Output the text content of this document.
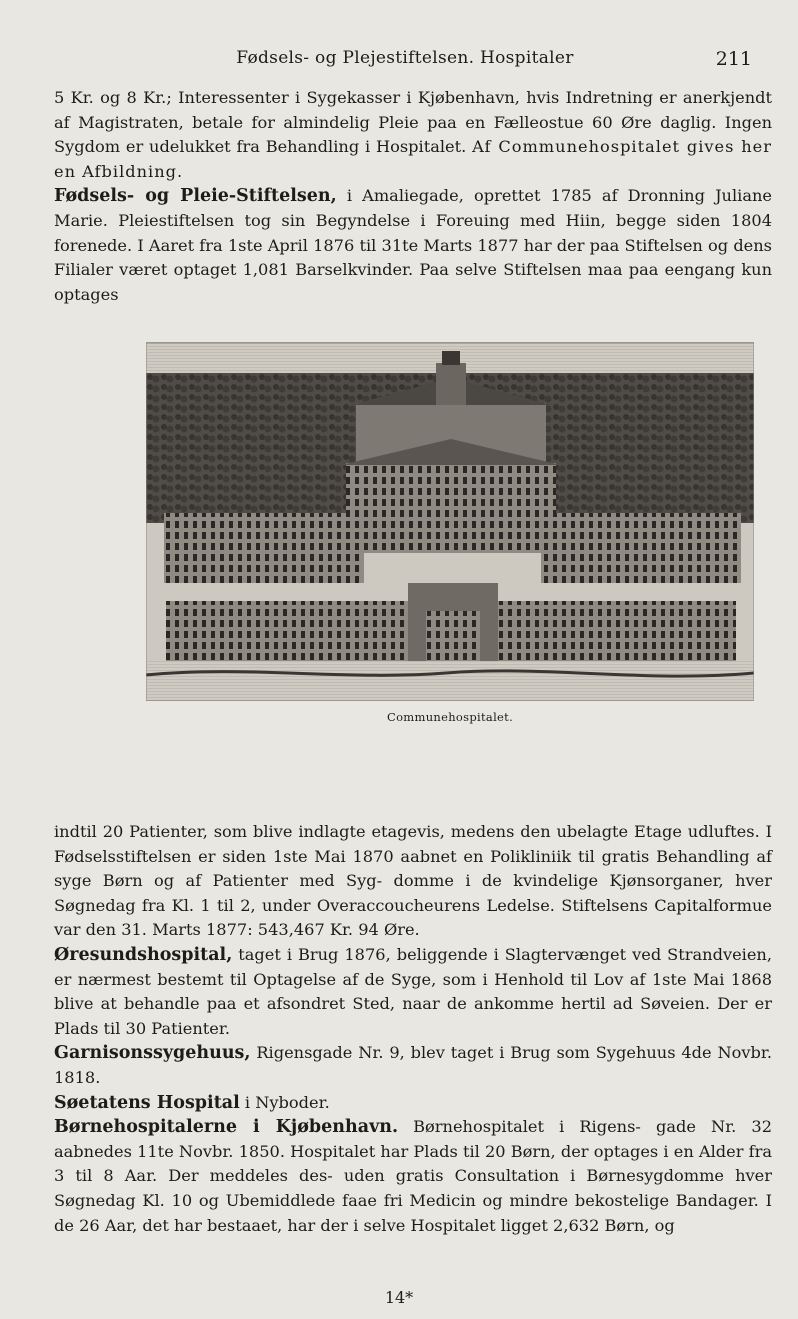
Fødsels- og Plejestiftelsen. Hospitaler	211

5 Kr. og 8 Kr.; Interessenter i Sygekasser i Kjøbenhavn, hvis Indretning er anerkjendt af Magistraten, betale for almindelig Pleie paa en Fælleostue 60 Øre daglig. Ingen Sygdom er udelukket fra Behandling i Hospitalet. Af Communehospitalet gives her en Afbildning.

Fødsels- og Pleie-Stiftelsen, i Amaliegade, oprettet 1785 af Dronning Juliane Marie. Pleiestiftelsen tog sin Begyndelse i Foreuing med Hiin, begge siden 1804 forenede. I Aaret fra 1ste April 1876 til 31te Marts 1877 har der paa Stiftelsen og dens Filialer været optaget 1,081 Barselkvinder. Paa selve Stiftelsen maa paa eengang kun optages

Communehospitalet.

indtil 20 Patienter, som blive indlagte etagevis, medens den ubelagte Etage udluftes. I Fødselsstiftelsen er siden 1ste Mai 1870 aabnet en Polikliniik til gratis Behandling af syge Børn og af Patienter med Syg- domme i de kvindelige Kjønsorganer, hver Søgnedag fra Kl. 1 til 2, under Overaccoucheurens Ledelse. Stiftelsens Capitalformue var den 31. Marts 1877: 543,467 Kr. 94 Øre.

Øresundshospital, taget i Brug 1876, beliggende i Slagtervænget ved Strandveien, er nærmest bestemt til Optagelse af de Syge, som i Henhold til Lov af 1ste Mai 1868 blive at behandle paa et afsondret Sted, naar de ankomme hertil ad Søveien. Der er Plads til 30 Patienter.

Garnisonssygehuus, Rigensgade Nr. 9, blev taget i Brug som Sygehuus 4de Novbr. 1818.

Søetatens Hospital i Nyboder.

Børnehospitalerne i Kjøbenhavn. Børnehospitalet i Rigens- gade Nr. 32 aabnedes 11te Novbr. 1850. Hospitalet har Plads til 20 Børn, der optages i en Alder fra 3 til 8 Aar. Der meddeles des- uden gratis Consultation i Børnesygdomme hver Søgnedag Kl. 10 og Ubemiddlede faae fri Medicin og mindre bekostelige Bandager. I de 26 Aar, det har bestaaet, har der i selve Hospitalet ligget 2,632 Børn, og

14*
